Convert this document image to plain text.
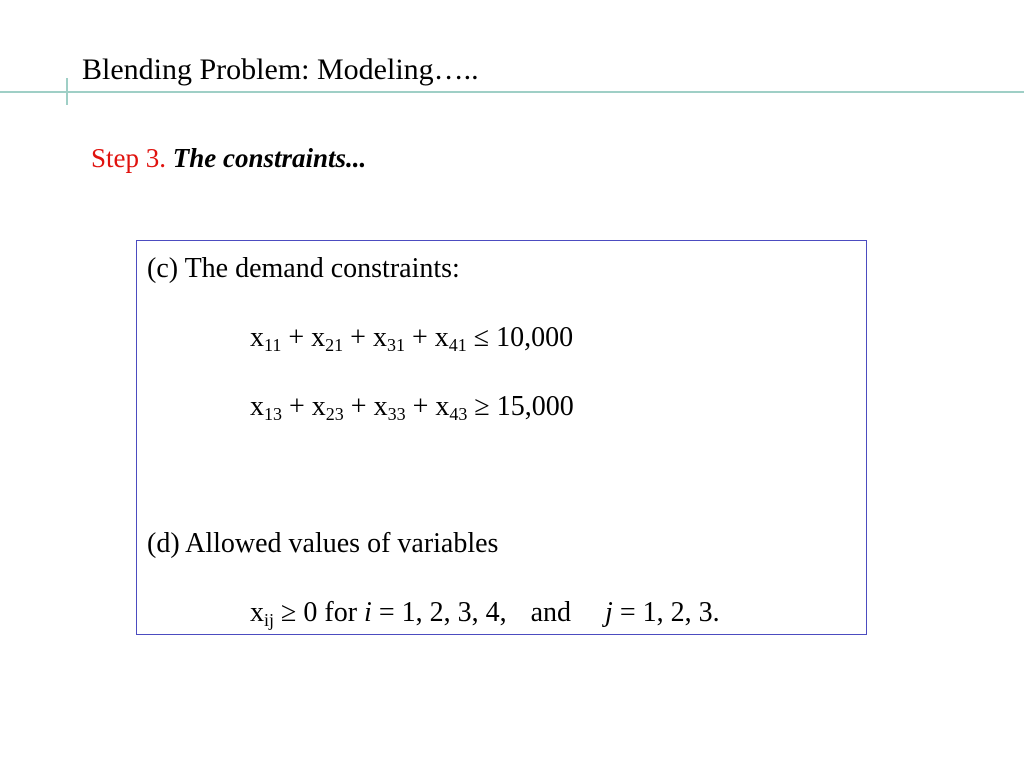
Blending Problem: Modeling…..
Step 3. The constraints...
(c) The demand constraints:
$x_{11} + x_{21} + x_{31} + x_{41} \le 10,000$
$x_{13} + x_{23} + x_{33} + x_{43} \ge 15,000$
(d) Allowed values of variables
$x_{ij} \ge 0$ for i = 1, 2, 3, 4, and j = 1, 2, 3.
